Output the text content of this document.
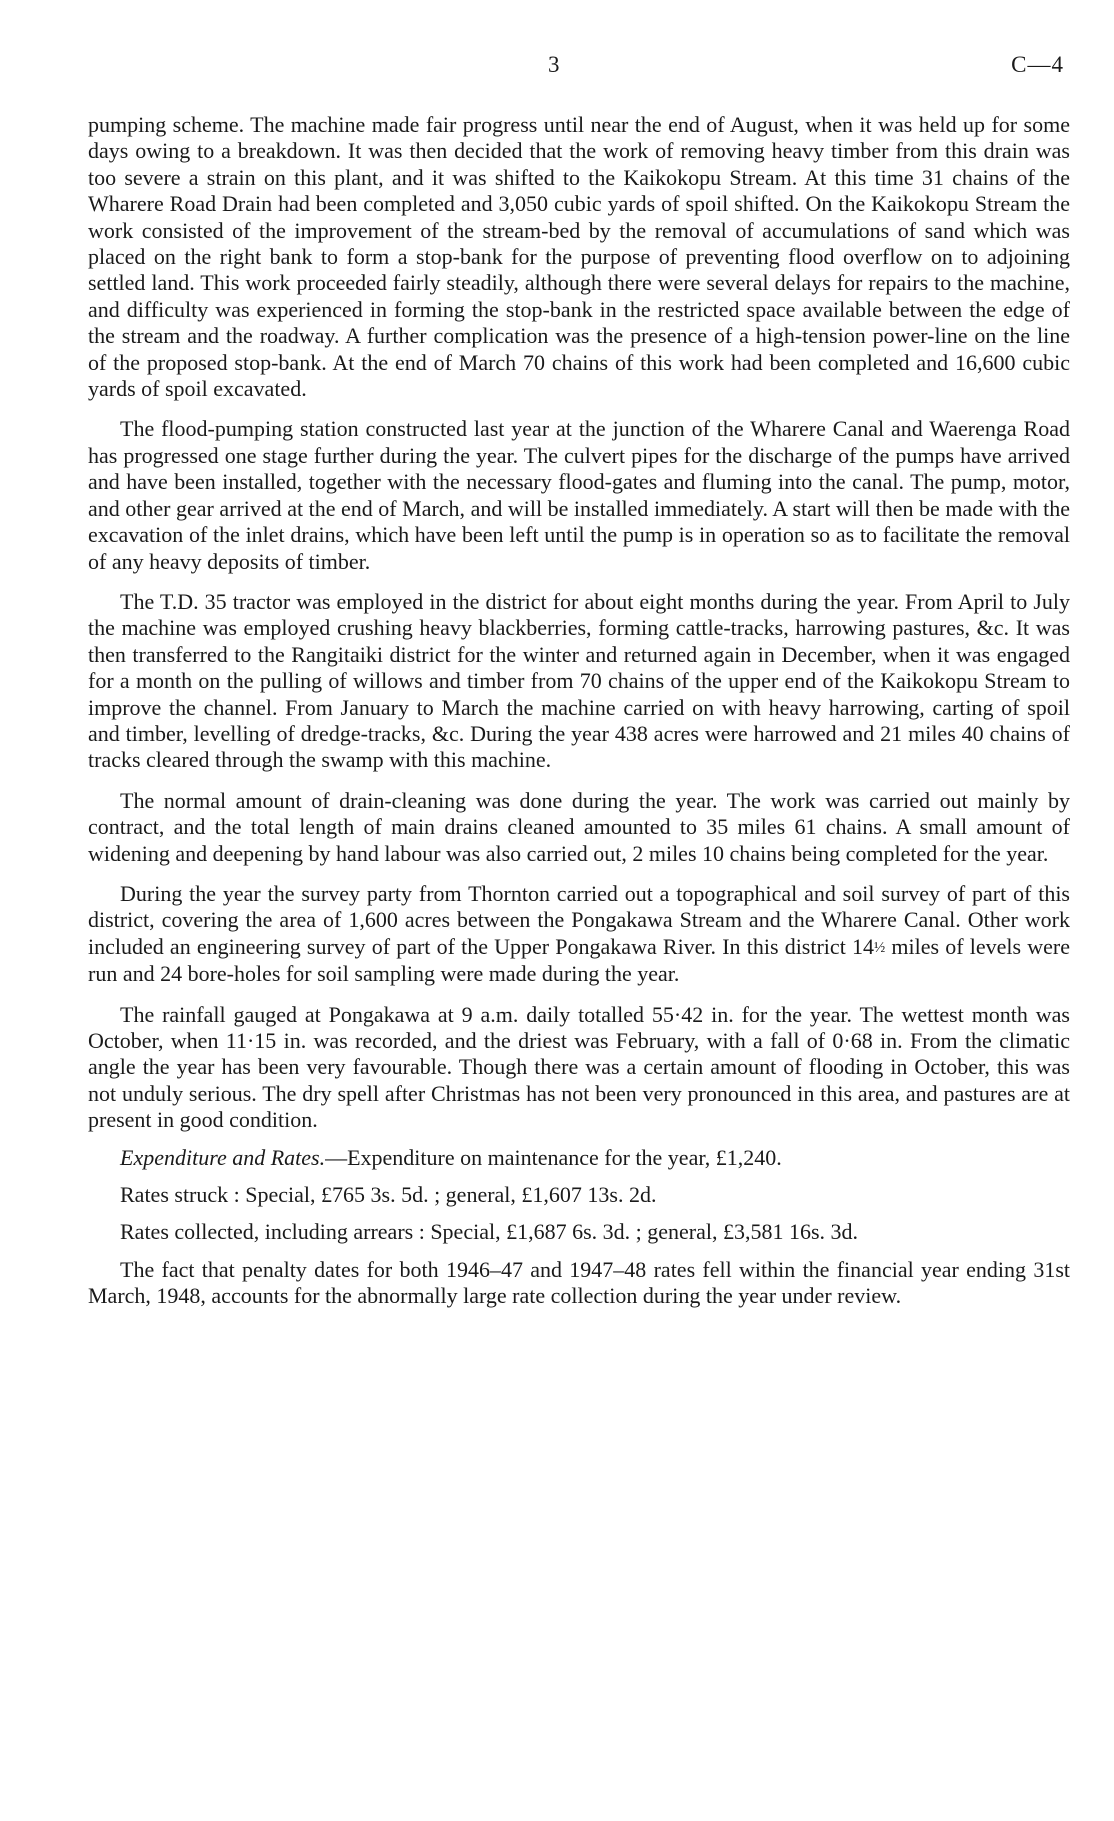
3	C—4

pumping scheme. The machine made fair progress until near the end of August, when it was held up for some days owing to a breakdown. It was then decided that the work of removing heavy timber from this drain was too severe a strain on this plant, and it was shifted to the Kaikokopu Stream. At this time 31 chains of the Wharere Road Drain had been completed and 3,050 cubic yards of spoil shifted. On the Kaikokopu Stream the work consisted of the improvement of the stream-bed by the removal of accumulations of sand which was placed on the right bank to form a stop-bank for the purpose of preventing flood overflow on to adjoining settled land. This work proceeded fairly steadily, although there were several delays for repairs to the machine, and difficulty was experienced in forming the stop-bank in the restricted space available between the edge of the stream and the roadway. A further complication was the presence of a high-tension power-line on the line of the proposed stop-bank. At the end of March 70 chains of this work had been completed and 16,600 cubic yards of spoil excavated.

The flood-pumping station constructed last year at the junction of the Wharere Canal and Waerenga Road has progressed one stage further during the year. The culvert pipes for the discharge of the pumps have arrived and have been installed, together with the necessary flood-gates and fluming into the canal. The pump, motor, and other gear arrived at the end of March, and will be installed immediately. A start will then be made with the excavation of the inlet drains, which have been left until the pump is in operation so as to facilitate the removal of any heavy deposits of timber.

The T.D. 35 tractor was employed in the district for about eight months during the year. From April to July the machine was employed crushing heavy blackberries, forming cattle-tracks, harrowing pastures, &c. It was then transferred to the Rangitaiki district for the winter and returned again in December, when it was engaged for a month on the pulling of willows and timber from 70 chains of the upper end of the Kaikokopu Stream to improve the channel. From January to March the machine carried on with heavy harrowing, carting of spoil and timber, levelling of dredge-tracks, &c. During the year 438 acres were harrowed and 21 miles 40 chains of tracks cleared through the swamp with this machine.

The normal amount of drain-cleaning was done during the year. The work was carried out mainly by contract, and the total length of main drains cleaned amounted to 35 miles 61 chains. A small amount of widening and deepening by hand labour was also carried out, 2 miles 10 chains being completed for the year.

During the year the survey party from Thornton carried out a topographical and soil survey of part of this district, covering the area of 1,600 acres between the Pongakawa Stream and the Wharere Canal. Other work included an engineering survey of part of the Upper Pongakawa River. In this district 14½ miles of levels were run and 24 bore-holes for soil sampling were made during the year.

The rainfall gauged at Pongakawa at 9 a.m. daily totalled 55·42 in. for the year. The wettest month was October, when 11·15 in. was recorded, and the driest was February, with a fall of 0·68 in. From the climatic angle the year has been very favourable. Though there was a certain amount of flooding in October, this was not unduly serious. The dry spell after Christmas has not been very pronounced in this area, and pastures are at present in good condition.

Expenditure and Rates.—Expenditure on maintenance for the year, £1,240.

Rates struck : Special, £765 3s. 5d. ; general, £1,607 13s. 2d.

Rates collected, including arrears : Special, £1,687 6s. 3d. ; general, £3,581 16s. 3d.

The fact that penalty dates for both 1946–47 and 1947–48 rates fell within the financial year ending 31st March, 1948, accounts for the abnormally large rate collection during the year under review.
